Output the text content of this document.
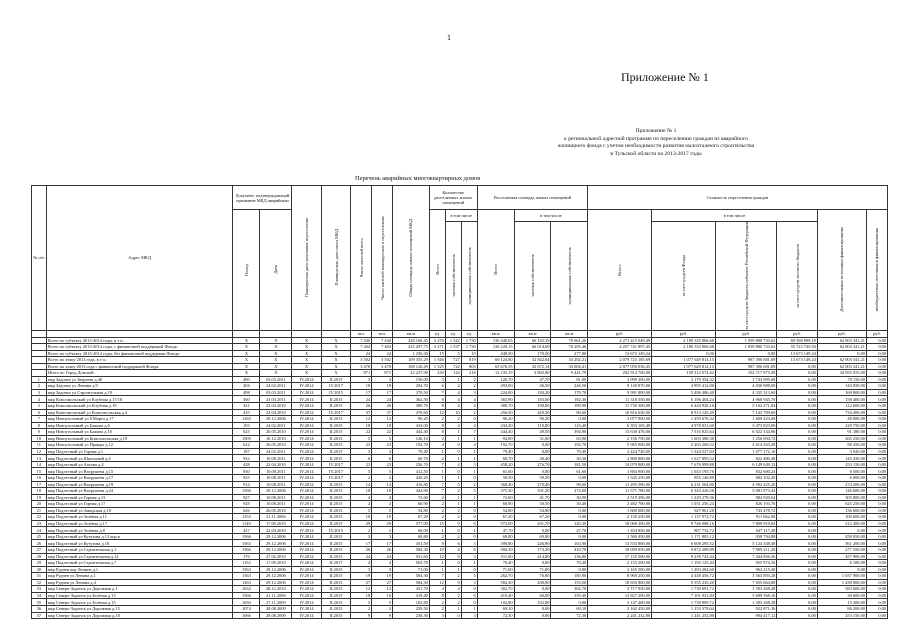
1
Приложение № 1
Приложение № 1
к региональной адресной программе по переселению граждан из аварийного
жилищного фонда с учетом необходимости развития малоэтажного строительства
в Тульской области на 2013-2017 годы
Перечень аварийных многоквартирных домов
№ п/п	Адрес МКД	Документ, подтверждающий признание МКД аварийным		Планируемая дата окончания переселения	Планируемая дата сноса МКД	Число жителей всего	Число жителей планируемых к переселению	Общая площадь жилых помещений МКД	Количество расселяемых жилых помещений			Расселяемая площадь жилых помещений			Стоимость переселения граждан					

		Номер	Дата						Всего	в том числе		Всего	в том числе		Всего:	в том числе			Дополнительные источники финансирования	внебюджетных источников финансирования

										частная собственность	муниципальная собственность		частная собственность	муниципальная собственность		за счет средств Фонда	за счет средств бюджета субъекта Российской Федерации	за счет средств местного бюджета		

						чел.	чел.	кв.м	ед.	ед.	ед.	кв.м	кв.м	кв.м	руб.	руб.	руб.	руб.	руб.	руб.
	Всего по субъекту 2013-2014 годы, в т.ч.:	X	X	X	X	7 430	7 430	226 166,45	3 276	1 542	1 730	136 440,65	66 182,19	70 061,26	4 271 415 049,49	2 189 335 866,68	1 959 880 733,62	69 398 899,18	62 003 341,21	0,00
	Всего по субъекту 2013-2014 годы, с финансовой поддержкой Фонда:	X	X	X	X	7 404	7 404	225 297,75	3 271	1 537	1 730	136 220,15	66 014,69	70 205,46	4 257 741 897,45	2 180 333 866,68	1 959 880 733,62	55 723 745,94	62 003 341,21	0,00
	Всего по субъекту 2013-2014 годы, без финансовой поддержки Фонда:	X	X	X	X	24	24	1 256,30	15	5	10	448,50	170,50	277,80	13 673 149,24	0,00	0,00	13 673 149,24	0,00	0,00
	Всего по этапу 2013 года, в т.ч.:	X	X	X	X	3 502	3 502	109 355,29	1 546	727	819	66 124,80	32 842,64	33 282,21	2 079 723 185,69	1 077 649 814,15	987 396 681,09	13 673 149,24	62 003 341,21	0,00
	Всего по этапу 2013 года с финансовой поддержкой Фонда:	X	X	X	X	3 478	3 478	108 126,49	1 525	722	803	65 676,55	32 672,14	33 004,41	2 077 050 036,45	1 077 649 814,15	987 396 681,09	0,00	62 003 341,21	0,00
	Итого по Город Донской:	X	X	X	X	871	871	22 237,90	230	124	216	12 235,19	3 802,80	9 441,79	202 914 700,00	159 312 074,42	102 717 975,58	0,00	34 955 055,00	0,00
1	мкр Задонье ул Зверзева д.40	490	03.03.2011	IV.2014	II.2015	3	3	156,00	3	1	2	126,70	47,70	81,00	3 999 300,00	2 179 354,32	1 743 995,68	0,00	78 150,00	0,00
2	мкр Задонье ул Ленина д.9	204	24.02.2011	IV.2014	IV.2017	18	18	294,70	6	4	2	293,00	46,50	246,50	9 140 870,00	4 995 412,00	4 036 988,00	0,00	143 050,00	0,00
3	мкр Задонье ул Строительная д.19	498	03.03.2011	IV.2014	IV.2015	17	17	370,50	7	4	3	224,00	184,20	179,70	9 991 800,00	5 486 486,40	4 335 313,60	0,00	169 800,00	0,00
4	мкр Комсомольский ул Клубная д.17/18	360	23.03.2011	IV.2014	II.2015	24	24	362,50	8	4	4	363,90	183,60	182,30	11 318 550,00	6 196 404,24	4 960 945,76	0,00	158 400,00	0,00
5	мкр Комсомольский ул Клубная д.19	431	22.04.2010	IV.2014	II.2015	26	26	380,70	8	4	4	380,70	190,80	189,90	11 730 300,00	6 444 928,16	5 162 271,84	0,00	122 600,00	0,00
6	мкр Комсомольский ул Комсомольская д.4	435	22.04.2010	IV.2014	IV.2017	37	37	470,60	12	10	2	256,50	429,30	80,60	16 816 630,00	8 913 145,49	7 142 709,60	0,00	734 400,00	0,00
7	мкр Новоугольный ул 8 Марта д.17	1263	29.12.2006	IV.2014	II.2015	12	12	96,20	2	2	0	96,20	96,20	0,00	3 077 900,00	1 459 676,32	1 609 423,68	0,00	48 800,00	0,00
8	мкр Новоугольный ул Бажова д.6	103	24.02.2011	IV.2014	II.2015	18	18	434,00	8	4	4	234,20	110,80	123,40	6 353 165,49	4 978 831,60	3 473 823,00	0,00	229 750,00	0,00
9	мкр Новоугольный ул Бажова д.16	625	26.05.2010	IV.2014	II.2015	22	22	444,40	8	1	7	444,40	49,50	394,90	13 630 476,00	7 516 825,64	6 022 134,96	0,00	91 380,00	0,00
10	мкр Новоугольный ул Комсомольская д.19	1905	10.12.2010	IV.2014	II.2015	5	5	126,10	2	1	1	94,00	31,00	63,90	2 156 750,00	1 603 388,38	1 256 094,72	0,00	265 250,00	0,00
11	мкр Новоугольный ул Правды д.12	622	26.05.2010	IV.2014	II.2015	23	23	192,70	4	0	4	192,70	0,00	192,70	5 965 000,00	2 263 206,52	2 614 263,28	0,00	88 450,00	0,00
12	мкр Подлесный ул Горная д.1	187	24.02.2011	IV.2014	II.2015	3	3	79,40	1	0	1	79,40	0,00	79,40	2 424 720,00	1 344 527,64	1 077 172,16	0,00	3 020,00	0,00
13	мкр Подлесный ул Школьный д.4	932	10.08.2011	IV.2014	II.2015	6	6	60,70	2	1	1	60,70	30,40	30,30	2 800 800,00	1 627 895,52	822 480,48	0,00	145 430,00	0,00
14	мкр Подлесный ул Ахтова д.4	428	22.04.2010	IV.2014	IV.2017	23	23	256,70	7	4	3	458,20	276,70	181,50	14 079 800,00	7 676 999,88	6 149 649,12	0,00	253 150,00	0,00
15	мкр Подлесный ул Вахрушева д.15	930	10.08.2011	IV.2014	IV.2017	5	5	412,50	1	0	1	61,60	0,00	61,60	1 884 900,00	1 043 193,76	832 600,24	0,00	6 500,00	0,00
16	мкр Подлесный ул Вахрушева д.17	925	10.08.2011	IV.2014	IV.2017	2	2	420,20	1	1	0	50,50	50,50	0,00	1 545 250,00	855 146,80	682 102,20	0,00	6 000,00	0,00
17	мкр Подлесный ул Вахрушева д.19	914	10.08.2011	IV.2014	II.2015	14	14	416,80	7	5	2	368,40	270,40	98,00	11 495 580,00	6 231 564,80	4 992 425,20	0,00	274 200,00	0,00
18	мкр Подлесный ул Вахрушева д.24	1566	29.12.2006	IV.2014	II.2015	18	18	424,90	7	2	5	375,30	101,20	274,00	11 571 780,00	6 343 226,56	5 081 973,44	0,00	146 600,00	0,00
19	мкр Подлесный ул Горная д.13	927	10.08.2011	IV.2014	II.2015	4	4	72,60	2	1	1	72,60	41,70	30,90	2 519 396,00	1 229 279,36	984 920,64	0,00	305 800,00	0,00
20	мкр Подлесный ул Горная д.17	928	10.08.2011	IV.2014	II.2015	2	2	60,90	2	1	1	60,90	30,50	30,40	2 482 700,00	1 031 256,24	826 193,76	0,00	625 250,00	0,00
21	мкр Подлесный ул Заводская д.10	626	26.05.2010	IV.2014	II.2015	5	5	54,80	2	2	0	54,80	54,80	0,00	1 680 000,00	927 961,28	743 478,72	0,00	136 600,00	0,00
22	мкр Подлесный ул Зелёная д.11	1253	21.11.2006	IV.2014	II.2015	10	10	67,20	2	2	0	67,20	67,20	0,00	2 150 250,00	1 137 972,72	911 662,08	0,00	100 600,00	0,00
23	мкр Подлесный ул Зелёная д.17	1149	17.09.2010	IV.2014	II.2015	29	29	577,00	15	9	6	572,00	431,70	145,30	18 068 300,00	9 746 988,16	7 808 819,84	0,00	512 400,00	0,00
24	мкр Подлесный ул Зелёная д.8	427	22.04.2010	IV.2014	IV.2015	2	2	66,00	1	0	1	47,70	0,00	47,70	1 454 850,00	807 732,72	647 117,28	0,00	0,00	0,00
25	мкр Подлесный ул Кутузова д.13 кор.в	1566	29.12.2006	IV.2014	II.2015	3	3	69,80	2	2	0	69,80	69,80	0,00	2 569 450,00	1 171 805,12	938 794,88	0,00	458 850,00	0,00
26	мкр Подлесный ул Кутузова д.18	1563	29.12.2006	IV.2014	II.2015	17	17	451,50	9	6	3	390,80	226,90	163,90	13 533 800,00	6 608 295,52	5 124 338,48	0,00	561 200,00	0,00
27	мкр Подлесный ул Строительная д.1	1566	29.12.2006	IV.2014	II.2015	26	26	584,30	10	4	6	584,30	173,30	410,70	18 059 050,00	9 872 288,89	7 909 211,20	0,00	277 550,00	0,00
28	мкр Подлесный ул Строительная д.12	176	27.02.2010	IV.2014	II.2015	24	24	531,60	12	9	3	511,60	414,80	136,80	17 155 500,00	9 239 743,44	7 444 856,56	0,00	457 900,00	0,00
29	мкр Подлесный ул Строительная д.7	1152	17.09.2010	IV.2014	II.2017	4	4	563,70	1	0	1	70,40	0,00	70,40	2 153 200,00	1 192 125,44	955 974,56	0,00	6 100,00	0,00
30	мкр Руднев пер Ленина д.1	1563	29.12.2006	IV.2014	II.2015	3	3	71,00	1	1	0	71,00	71,00	0,00	2 165 500,00	1 203 284,60	962 215,40	0,00	0,00	0,00
31	мкр Руднев ул Ленина д.1	1563	29.12.2006	IV.2014	II.2015	19	19	584,30	7	2	5	262,70	76,80	185,90	8 969 250,00	4 448 456,72	3 563 893,28	0,00	1 037 900,00	0,00
32	мкр Руднев ул Ленина д.4	1263	29.12.2006	IV.2014	II.2015	27	27	584,30	12	9	3	584,30	430,80	153,50	18 650 800,00	9 555 235,20	7 655 664,80	0,00	1 439 900,00	0,00
33	мкр Северо-Задонск ул Дорожная д.1	1632	28.12.2010	IV.2014	II.2015	12	12	431,70	4	4	0	302,70	0,00	302,70	3 717 950,00	1 739 691,72	1 393 268,28	0,00	583 600,00	0,00
34	мкр Северо-Задонск ул Зелёная д.13	1566	21.11.2006	IV.2014	II.2015	18	18	419,40	8	2	6	419,40	60,00	359,40	12 827 200,00	7 101 931,84	5 689 568,16	0,00	30 600,00	0,00
35	мкр Северо-Задонск ул Зелёная д.15	1650	27.11.2009	IV.2014	II.2015	5	5	102,80	2	2	0	102,80	102,80	0,00	3 147 400,00	1 739 809,72	1 393 268,28	0,00	15 200,00	0,00
36	мкр Северо-Задонск ул Дорожная д.15	1074	28.08.2009	IV.2014	II.2015	2	2	259,50	2	1	1	69,10	0,00	69,10	2 162 450,00	1 153 378,64	922 871,36	0,00	86 200,00	0,00
37	мкр Северо-Задонск ул Дорожная д.18	1066	28.08.2009	IV.2014	II.2015	9	9	230,30	3	0	3	72,30	0,00	72,30	2 241 232,80	1 241 252,80	994 417,12	0,00	253 150,00	0,00
